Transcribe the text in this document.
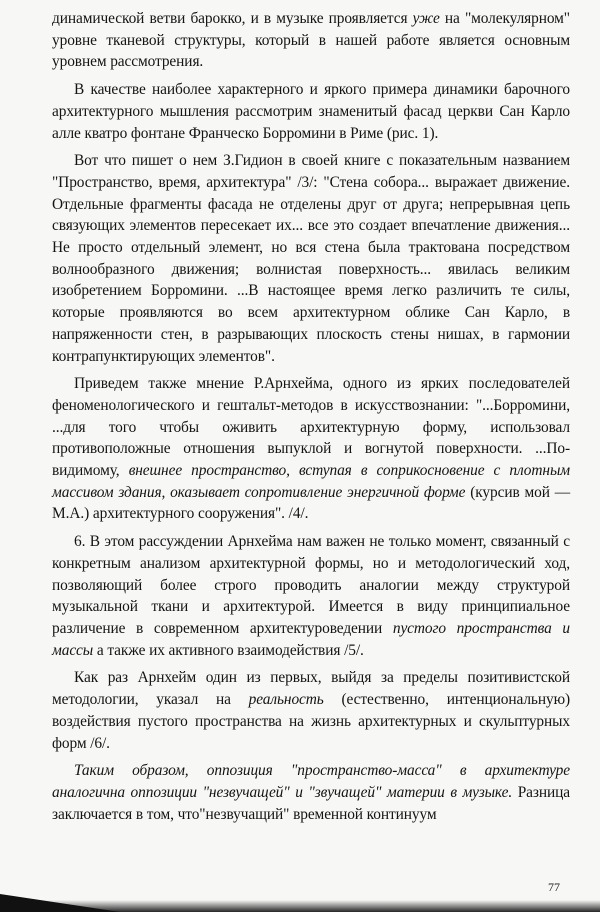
динамической ветви барокко, и в музыке проявляется уже на "молекулярном" уровне тканевой структуры, который в нашей работе является основным уровнем рассмотрения.

В качестве наиболее характерного и яркого примера динамики барочного архитектурного мышления рассмотрим знаменитый фасад церкви Сан Карло алле кватро фонтане Франческо Борромини в Риме (рис. 1).

Вот что пишет о нем З.Гидион в своей книге с показательным названием "Пространство, время, архитектура" /3/: "Стена собора... выражает движение. Отдельные фрагменты фасада не отделены друг от друга; непрерывная цепь связующих элементов пересекает их... все это создает впечатление движения... Не просто отдельный элемент, но вся стена была трактована посредством волнообразного движения; волнистая поверхность... явилась великим изобретением Борромини. ...В настоящее время легко различить те силы, которые проявляются во всем архитектурном облике Сан Карло, в напряженности стен, в разрывающих плоскость стены нишах, в гармонии контрапунктирующих элементов".

Приведем также мнение Р.Арнхейма, одного из ярких последователей феноменологического и гештальт-методов в искусствознании: "...Борромини, ...для того чтобы оживить архитектурную форму, использовал противоположные отношения выпуклой и вогнутой поверхности. ...По-видимому, внешнее пространство, вступая в соприкосновение с плотным массивом здания, оказывает сопротивление энергичной форме (курсив мой — М.А.) архитектурного сооружения". /4/.

6. В этом рассуждении Арнхейма нам важен не только момент, связанный с конкретным анализом архитектурной формы, но и методологический ход, позволяющий более строго проводить аналогии между структурой музыкальной ткани и архитектурой. Имеется в виду принципиальное различение в современном архитектуроведении пустого пространства и массы а также их активного взаимодействия /5/.

Как раз Арнхейм один из первых, выйдя за пределы позитивистской методологии, указал на реальность (естественно, интенциональную) воздействия пустого пространства на жизнь архитектурных и скульптурных форм /6/.

Таким образом, оппозиция "пространство-масса" в архитектуре аналогична оппозиции "незвучащей" и "звучащей" материи в музыке. Разница заключается в том, что"незвучащий" временной континуум

77
